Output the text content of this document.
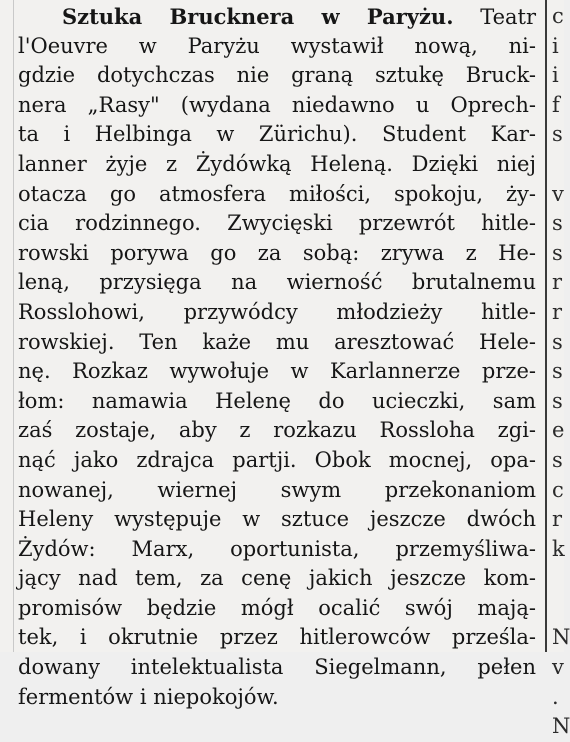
Sztuka Brucknera w Paryżu. Teatr
l'Oeuvre w Paryżu wystawił nową, ni-
gdzie dotychczas nie graną sztukę Bruck-
nera „Rasy" (wydana niedawno u Oprech-
ta i Helbinga w Zürichu). Student Kar-
lanner żyje z Żydówką Heleną. Dzięki niej
otacza go atmosfera miłości, spokoju, ży-
cia rodzinnego. Zwycięski przewrót hitle-
rowski porywa go za sobą: zrywa z He-
leną, przysięga na wierność brutalnemu
Rosslohowi, przywódcy młodzieży hitle-
rowskiej. Ten każe mu aresztować Hele-
nę. Rozkaz wywołuje w Karlannerze prze-
łom: namawia Helenę do ucieczki, sam
zaś zostaje, aby z rozkazu Rossloha zgi-
nąć jako zdrajca partji. Obok mocnej, opa-
nowanej, wiernej swym przekonaniom
Heleny występuje w sztuce jeszcze dwóch
Żydów: Marx, oportunista, przemyśliwa-
jący nad tem, za cenę jakich jeszcze kom-
promisów będzie mógł ocalić swój mają-
tek, i okrutnie przez hitlerowców prześla-
dowany intelektualista Siegelmann, pełen
fermentów i niepokojów.
c
i
i
f
s
v
s
s
r
r
s
s
s
e
s
c
r
k
N
v
.
N
